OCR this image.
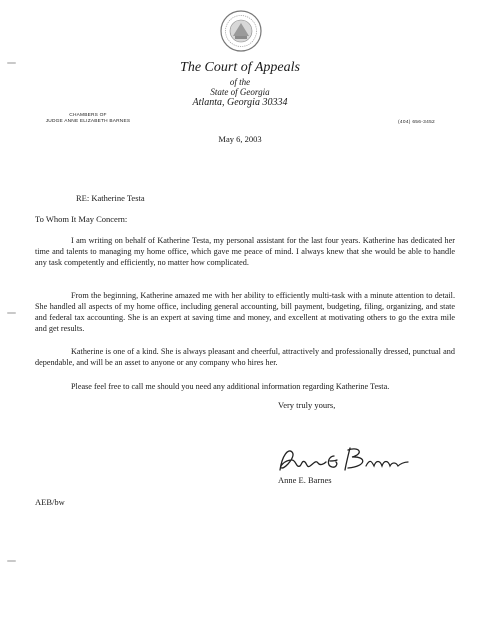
The Court of Appeals
of the
State of Georgia
Atlanta, Georgia 30334
CHAMBERS OF
JUDGE ANNE ELIZABETH BARNES	(404) 656-3452
May 6, 2003
RE: Katherine Testa
To Whom It May Concern:

I am writing on behalf of Katherine Testa, my personal assistant for the last four years. Katherine has dedicated her time and talents to managing my home office, which gave me peace of mind. I always knew that she would be able to handle any task competently and efficiently, no matter how complicated.

From the beginning, Katherine amazed me with her ability to efficiently multi-task with a minute attention to detail. She handled all aspects of my home office, including general accounting, bill payment, budgeting, filing, organizing, and state and federal tax accounting. She is an expert at saving time and money, and excellent at motivating others to go the extra mile and get results.

Katherine is one of a kind. She is always pleasant and cheerful, attractively and professionally dressed, punctual and dependable, and will be an asset to anyone or any company who hires her.

Please feel free to call me should you need any additional information regarding Katherine Testa.

Very truly yours,
Anne E. Barnes
AEB/bw
